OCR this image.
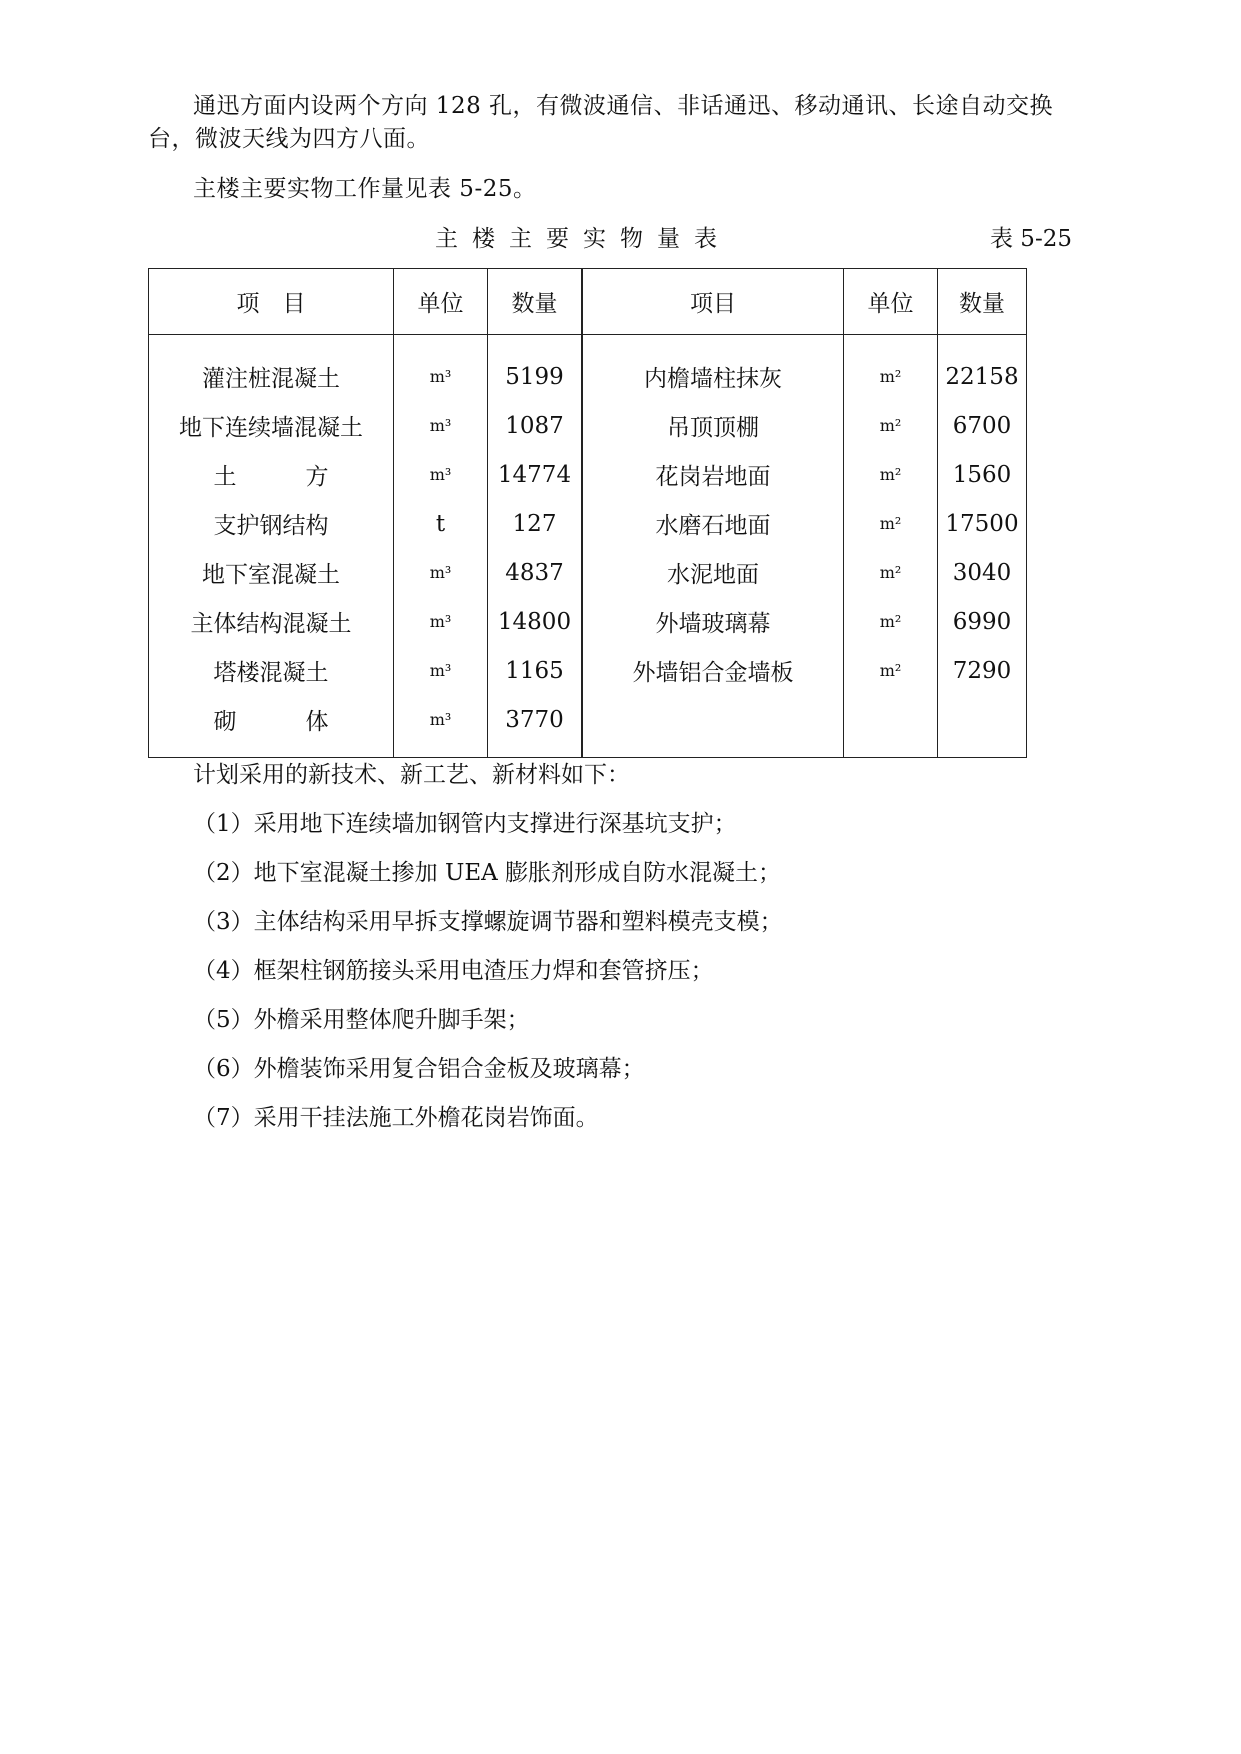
通迅方面内设两个方向 128 孔，有微波通信、非话通迅、移动通讯、长途自动交换
台，微波天线为四方八面。
主楼主要实物工作量见表 5-25。
主楼主要实物量表	表 5-25
项　目	单位	数量	项目	单位	数量
灌注桩混凝土	m³	5199	内檐墙柱抹灰	m²	22158
地下连续墙混凝土	m³	1087	吊顶顶棚	m²	6700
土　　　方	m³	14774	花岗岩地面	m²	1560
支护钢结构	t	127	水磨石地面	m²	17500
地下室混凝土	m³	4837	水泥地面	m²	3040
主体结构混凝土	m³	14800	外墙玻璃幕	m²	6990
塔楼混凝土	m³	1165	外墙铝合金墙板	m²	7290
砌　　　体	m³	3770			
计划采用的新技术、新工艺、新材料如下：
（1）采用地下连续墙加钢管内支撑进行深基坑支护；
（2）地下室混凝土掺加 UEA 膨胀剂形成自防水混凝土；
（3）主体结构采用早拆支撑螺旋调节器和塑料模壳支模；
（4）框架柱钢筋接头采用电渣压力焊和套管挤压；
（5）外檐采用整体爬升脚手架；
（6）外檐装饰采用复合铝合金板及玻璃幕；
（7）采用干挂法施工外檐花岗岩饰面。
